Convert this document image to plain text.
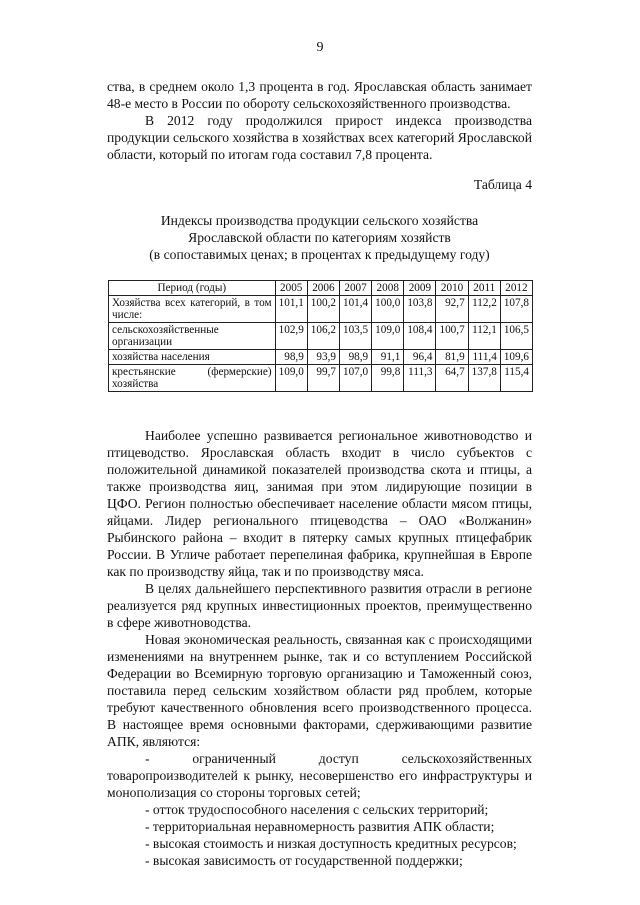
9

ства, в среднем около 1,3 процента в год. Ярославская область занимает 48-е место в России по обороту сельскохозяйственного производства.

В 2012 году продолжился прирост индекса производства продукции сельского хозяйства в хозяйствах всех категорий Ярославской области, который по итогам года составил 7,8 процента.

Таблица 4
Индексы производства продукции сельского хозяйства
Ярославской области по категориям хозяйств
(в сопоставимых ценах; в процентах к предыдущему году)
Период (годы)	2005	2006	2007	2008	2009	2010	2011	2012
Хозяйства всех категорий, в том числе:	101,1	100,2	101,4	100,0	103,8	92,7	112,2	107,8
сельскохозяйственные организации	102,9	106,2	103,5	109,0	108,4	100,7	112,1	106,5
хозяйства населения	98,9	93,9	98,9	91,1	96,4	81,9	111,4	109,6
крестьянские (фермерские) хозяйства	109,0	99,7	107,0	99,8	111,3	64,7	137,8	115,4

Наиболее успешно развивается региональное животноводство и птицеводство. Ярославская область входит в число субъектов с положительной динамикой показателей производства скота и птицы, а также производства яиц, занимая при этом лидирующие позиции в ЦФО. Регион полностью обеспечивает население области мясом птицы, яйцами. Лидер регионального птицеводства – ОАО «Волжанин» Рыбинского района – входит в пятерку самых крупных птицефабрик России. В Угличе работает перепелиная фабрика, крупнейшая в Европе как по производству яйца, так и по производству мяса.

В целях дальнейшего перспективного развития отрасли в регионе реализуется ряд крупных инвестиционных проектов, преимущественно в сфере животноводства.

Новая экономическая реальность, связанная как с происходящими изменениями на внутреннем рынке, так и со вступлением Российской Федерации во Всемирную торговую организацию и Таможенный союз, поставила перед сельским хозяйством области ряд проблем, которые требуют качественного обновления всего производственного процесса. В настоящее время основными факторами, сдерживающими развитие АПК, являются:

- ограниченный доступ сельскохозяйственных товаропроизводителей к рынку, несовершенство его инфраструктуры и монополизация со стороны торговых сетей;

- отток трудоспособного населения с сельских территорий;

- территориальная неравномерность развития АПК области;

- высокая стоимость и низкая доступность кредитных ресурсов;

- высокая зависимость от государственной поддержки;
